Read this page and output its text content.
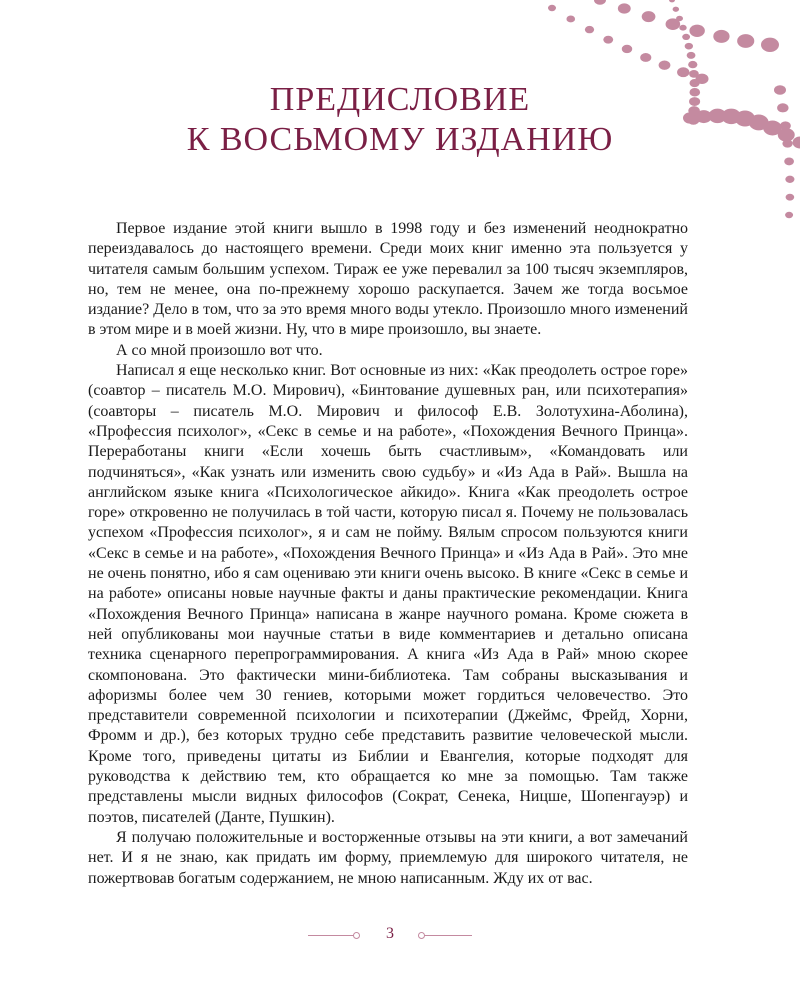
ПРЕДИСЛОВИЕ
К ВОСЬМОМУ ИЗДАНИЮ

Первое издание этой книги вышло в 1998 году и без изменений неоднократно переиздавалось до настоящего времени. Среди моих книг именно эта пользуется у читателя самым большим успехом. Тираж ее уже перевалил за 100 тысяч экземпляров, но, тем не менее, она по-прежнему хорошо раскупается. Зачем же тогда восьмое издание? Дело в том, что за это время много воды утекло. Произошло много изменений в этом мире и в моей жизни. Ну, что в мире произошло, вы знаете.

А со мной произошло вот что.

Написал я еще несколько книг. Вот основные из них: «Как преодолеть острое горе» (соавтор – писатель М.О. Мирович), «Бинтование душевных ран, или психотерапия» (соавторы – писатель М.О. Мирович и философ Е.В. Золотухина-Аболина), «Профессия психолог», «Секс в семье и на работе», «Похождения Вечного Принца». Переработаны книги «Если хочешь быть счастливым», «Командовать или подчиняться», «Как узнать или изменить свою судьбу» и «Из Ада в Рай». Вышла на английском языке книга «Психологическое айкидо». Книга «Как преодолеть острое горе» откровенно не получилась в той части, которую писал я. Почему не пользовалась успехом «Профессия психолог», я и сам не пойму. Вялым спросом пользуются книги «Секс в семье и на работе», «Похождения Вечного Принца» и «Из Ада в Рай». Это мне не очень понятно, ибо я сам оцениваю эти книги очень высоко. В книге «Секс в семье и на работе» описаны новые научные факты и даны практические рекомендации. Книга «Похождения Вечного Принца» написана в жанре научного романа. Кроме сюжета в ней опубликованы мои научные статьи в виде комментариев и детально описана техника сценарного перепрограммирования. А книга «Из Ада в Рай» мною скорее скомпонована. Это фактически мини-библиотека. Там собраны высказывания и афоризмы более чем 30 гениев, которыми может гордиться человечество. Это представители современной психологии и психотерапии (Джеймс, Фрейд, Хорни, Фромм и др.), без которых трудно себе представить развитие человеческой мысли. Кроме того, приведены цитаты из Библии и Евангелия, которые подходят для руководства к действию тем, кто обращается ко мне за помощью. Там также представлены мысли видных философов (Сократ, Сенека, Ницше, Шопенгауэр) и поэтов, писателей (Данте, Пушкин).

Я получаю положительные и восторженные отзывы на эти книги, а вот замечаний нет. И я не знаю, как придать им форму, приемлемую для широкого читателя, не пожертвовав богатым содержанием, не мною написанным. Жду их от вас.

3
